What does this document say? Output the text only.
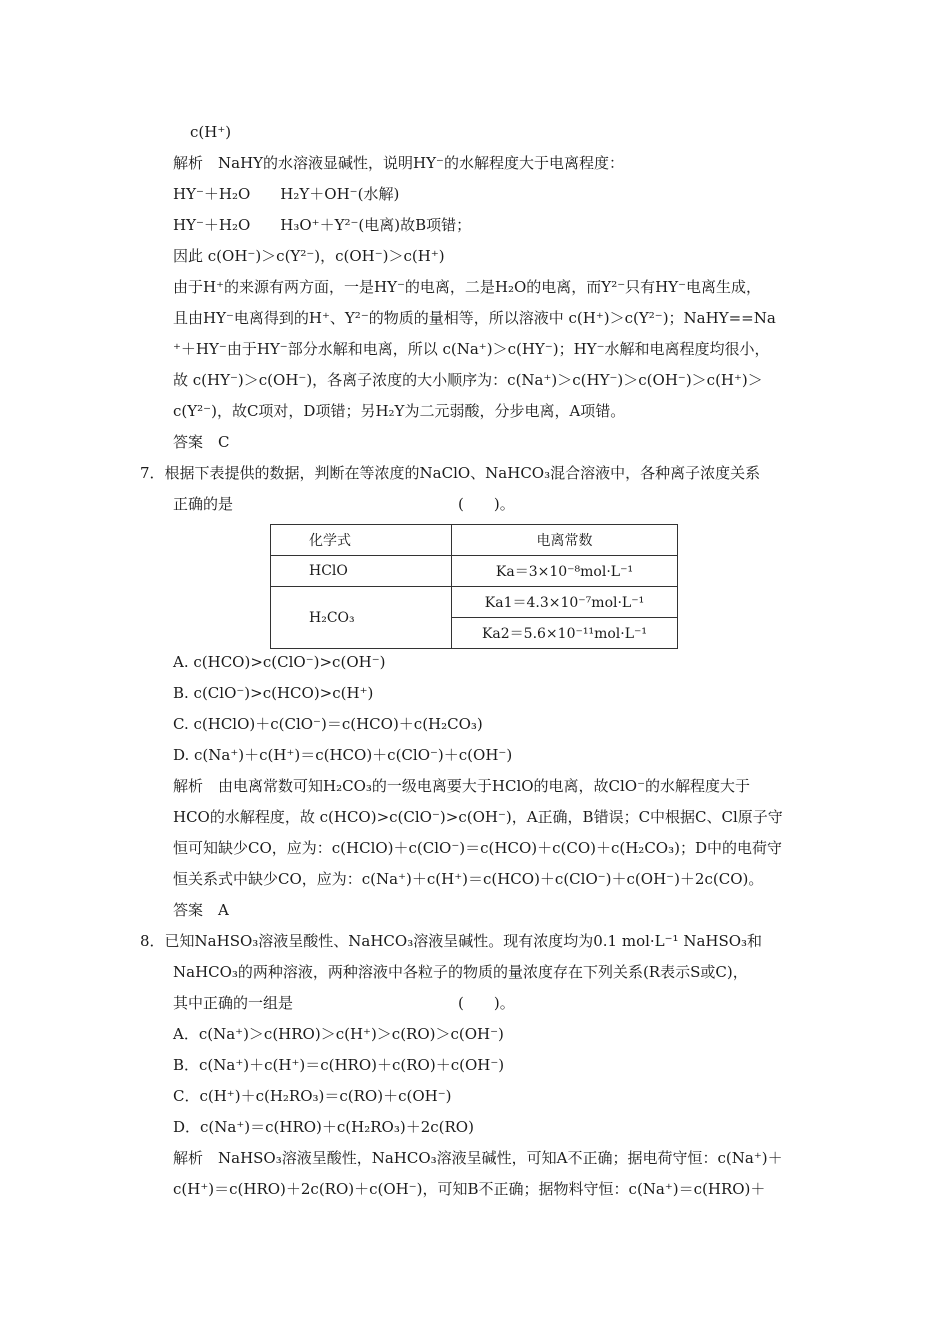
c(H⁺)
解析　NaHY的水溶液显碱性，说明HY⁻的水解程度大于电离程度：
HY⁻＋H₂O　　H₂Y＋OH⁻(水解)
HY⁻＋H₂O　　H₃O⁺＋Y²⁻(电离)故B项错；
因此 c(OH⁻)＞c(Y²⁻)，c(OH⁻)＞c(H⁺)
由于H⁺的来源有两方面，一是HY⁻的电离，二是H₂O的电离，而Y²⁻只有HY⁻电离生成，
且由HY⁻电离得到的H⁺、Y²⁻的物质的量相等，所以溶液中 c(H⁺)＞c(Y²⁻)；NaHY==Na
⁺＋HY⁻由于HY⁻部分水解和电离，所以 c(Na⁺)＞c(HY⁻)；HY⁻水解和电离程度均很小，
故 c(HY⁻)＞c(OH⁻)，各离子浓度的大小顺序为：c(Na⁺)＞c(HY⁻)＞c(OH⁻)＞c(H⁺)＞
c(Y²⁻)，故C项对，D项错；另H₂Y为二元弱酸，分步电离，A项错。
答案　C
7．根据下表提供的数据，判断在等浓度的NaClO、NaHCO₃混合溶液中，各种离子浓度关系
正确的是　　　　　　　　　　　　　　　(　　)。
化学式	电离常数
HClO	Ka＝3×10⁻⁸mol·L⁻¹
H₂CO₃	Ka1＝4.3×10⁻⁷mol·L⁻¹
	Ka2＝5.6×10⁻¹¹mol·L⁻¹
A. c(HCO)>c(ClO⁻)>c(OH⁻)
B. c(ClO⁻)>c(HCO)>c(H⁺)
C. c(HClO)＋c(ClO⁻)＝c(HCO)＋c(H₂CO₃)
D. c(Na⁺)＋c(H⁺)＝c(HCO)＋c(ClO⁻)＋c(OH⁻)
解析　由电离常数可知H₂CO₃的一级电离要大于HClO的电离，故ClO⁻的水解程度大于
HCO的水解程度，故 c(HCO)>c(ClO⁻)>c(OH⁻)，A正确，B错误；C中根据C、Cl原子守
恒可知缺少CO，应为：c(HClO)＋c(ClO⁻)＝c(HCO)＋c(CO)＋c(H₂CO₃)；D中的电荷守
恒关系式中缺少CO，应为：c(Na⁺)＋c(H⁺)＝c(HCO)＋c(ClO⁻)＋c(OH⁻)＋2c(CO)。
答案　A
8．已知NaHSO₃溶液呈酸性、NaHCO₃溶液呈碱性。现有浓度均为0.1 mol·L⁻¹ NaHSO₃和
NaHCO₃的两种溶液，两种溶液中各粒子的物质的量浓度存在下列关系(R表示S或C)，
其中正确的一组是　　　　　　　　　　　(　　)。
A．c(Na⁺)＞c(HRO)＞c(H⁺)＞c(RO)＞c(OH⁻)
B．c(Na⁺)＋c(H⁺)＝c(HRO)＋c(RO)＋c(OH⁻)
C．c(H⁺)＋c(H₂RO₃)＝c(RO)＋c(OH⁻)
D．c(Na⁺)＝c(HRO)＋c(H₂RO₃)＋2c(RO)
解析　NaHSO₃溶液呈酸性，NaHCO₃溶液呈碱性，可知A不正确；据电荷守恒：c(Na⁺)＋
c(H⁺)＝c(HRO)＋2c(RO)＋c(OH⁻)，可知B不正确；据物料守恒：c(Na⁺)＝c(HRO)＋
